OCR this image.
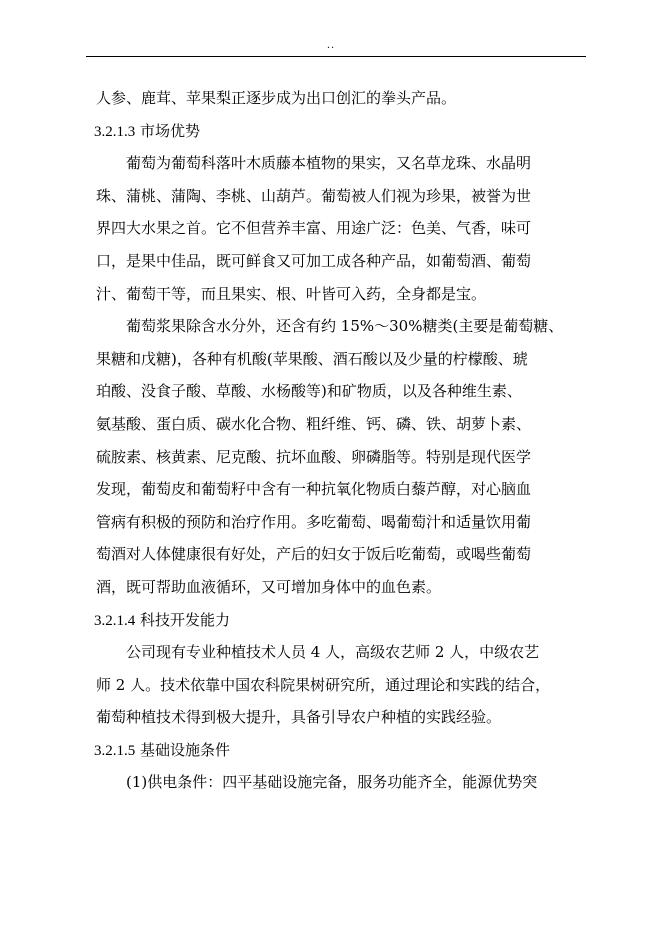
..
人参、鹿茸、苹果梨正逐步成为出口创汇的拳头产品。
3.2.1.3 市场优势
葡萄为葡萄科落叶木质藤本植物的果实，又名草龙珠、水晶明
珠、蒲桃、蒲陶、李桃、山葫芦。葡萄被人们视为珍果，被誉为世
界四大水果之首。它不但营养丰富、用途广泛：色美、气香，味可
口，是果中佳品，既可鲜食又可加工成各种产品，如葡萄酒、葡萄
汁、葡萄干等，而且果实、根、叶皆可入药，全身都是宝。
葡萄浆果除含水分外，还含有约 15%～30%糖类(主要是葡萄糖、
果糖和戊糖)，各种有机酸(苹果酸、酒石酸以及少量的柠檬酸、琥
珀酸、没食子酸、草酸、水杨酸等)和矿物质，以及各种维生素、
氨基酸、蛋白质、碳水化合物、粗纤维、钙、磷、铁、胡萝卜素、
硫胺素、核黄素、尼克酸、抗坏血酸、卵磷脂等。特别是现代医学
发现，葡萄皮和葡萄籽中含有一种抗氧化物质白藜芦醇，对心脑血
管病有积极的预防和治疗作用。多吃葡萄、喝葡萄汁和适量饮用葡
萄酒对人体健康很有好处，产后的妇女于饭后吃葡萄，或喝些葡萄
酒，既可帮助血液循环，又可增加身体中的血色素。
3.2.1.4 科技开发能力
公司现有专业种植技术人员 4 人，高级农艺师 2 人，中级农艺
师 2 人。技术依靠中国农科院果树研究所，通过理论和实践的结合，
葡萄种植技术得到极大提升，具备引导农户种植的实践经验。
3.2.1.5 基础设施条件
(1)供电条件：四平基础设施完备，服务功能齐全，能源优势突
